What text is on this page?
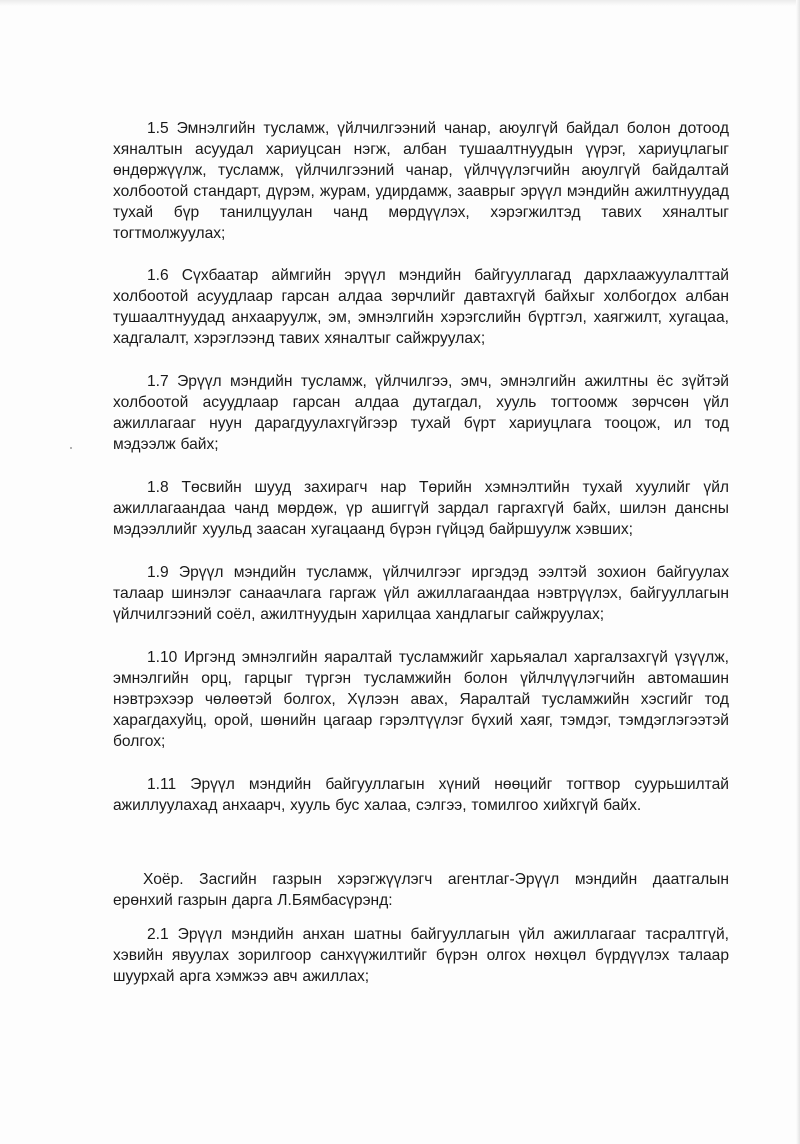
1.5 Эмнэлгийн тусламж, үйлчилгээний чанар, аюулгүй байдал болон дотоод хяналтын асуудал хариуцсан нэгж, албан тушаалтнуудын үүрэг, хариуцлагыг өндөржүүлж, тусламж, үйлчилгээний чанар, үйлчүүлэгчийн аюулгүй байдалтай холбоотой стандарт, дүрэм, журам, удирдамж, зааврыг эрүүл мэндийн ажилтнуудад тухай бүр танилцуулан чанд мөрдүүлэх, хэрэгжилтэд тавих хяналтыг тогтмолжуулах;

1.6 Сүхбаатар аймгийн эрүүл мэндийн байгууллагад дархлаажуулалттай холбоотой асуудлаар гарсан алдаа зөрчлийг давтахгүй байхыг холбогдох албан тушаалтнуудад анхааруулж, эм, эмнэлгийн хэрэгслийн бүртгэл, хаягжилт, хугацаа, хадгалалт, хэрэглээнд тавих хяналтыг сайжруулах;

1.7 Эрүүл мэндийн тусламж, үйлчилгээ, эмч, эмнэлгийн ажилтны ёс зүйтэй холбоотой асуудлаар гарсан алдаа дутагдал, хууль тогтоомж зөрчсөн үйл ажиллагааг нуун дарагдуулахгүйгээр тухай бүрт хариуцлага тооцож, ил тод мэдээлж байх;

1.8 Төсвийн шууд захирагч нар Төрийн хэмнэлтийн тухай хуулийг үйл ажиллагаандаа чанд мөрдөж, үр ашиггүй зардал гаргахгүй байх, шилэн дансны мэдээллийг хуульд заасан хугацаанд бүрэн гүйцэд байршуулж хэвших;

1.9 Эрүүл мэндийн тусламж, үйлчилгээг иргэдэд ээлтэй зохион байгуулах талаар шинэлэг санаачлага гаргаж үйл ажиллагаандаа нэвтрүүлэх, байгууллагын үйлчилгээний соёл, ажилтнуудын харилцаа хандлагыг сайжруулах;

1.10 Иргэнд эмнэлгийн яаралтай тусламжийг харьяалал харгалзахгүй үзүүлж, эмнэлгийн орц, гарцыг түргэн тусламжийн болон үйлчлүүлэгчийн автомашин нэвтрэхээр чөлөөтэй болгох, Хүлээн авах, Яаралтай тусламжийн хэсгийг тод харагдахуйц, орой, шөнийн цагаар гэрэлтүүлэг бүхий хаяг, тэмдэг, тэмдэглэгээтэй болгох;

1.11 Эрүүл мэндийн байгууллагын хүний нөөцийг тогтвор суурьшилтай ажиллуулахад анхаарч, хууль бус халаа, сэлгээ, томилгоо хийхгүй байх.

Хоёр. Засгийн газрын хэрэгжүүлэгч агентлаг-Эрүүл мэндийн даатгалын ерөнхий газрын дарга Л.Бямбасүрэнд:

2.1 Эрүүл мэндийн анхан шатны байгууллагын үйл ажиллагааг тасралтгүй, хэвийн явуулах зорилгоор санхүүжилтийг бүрэн олгох нөхцөл бүрдүүлэх талаар шуурхай арга хэмжээ авч ажиллах;
